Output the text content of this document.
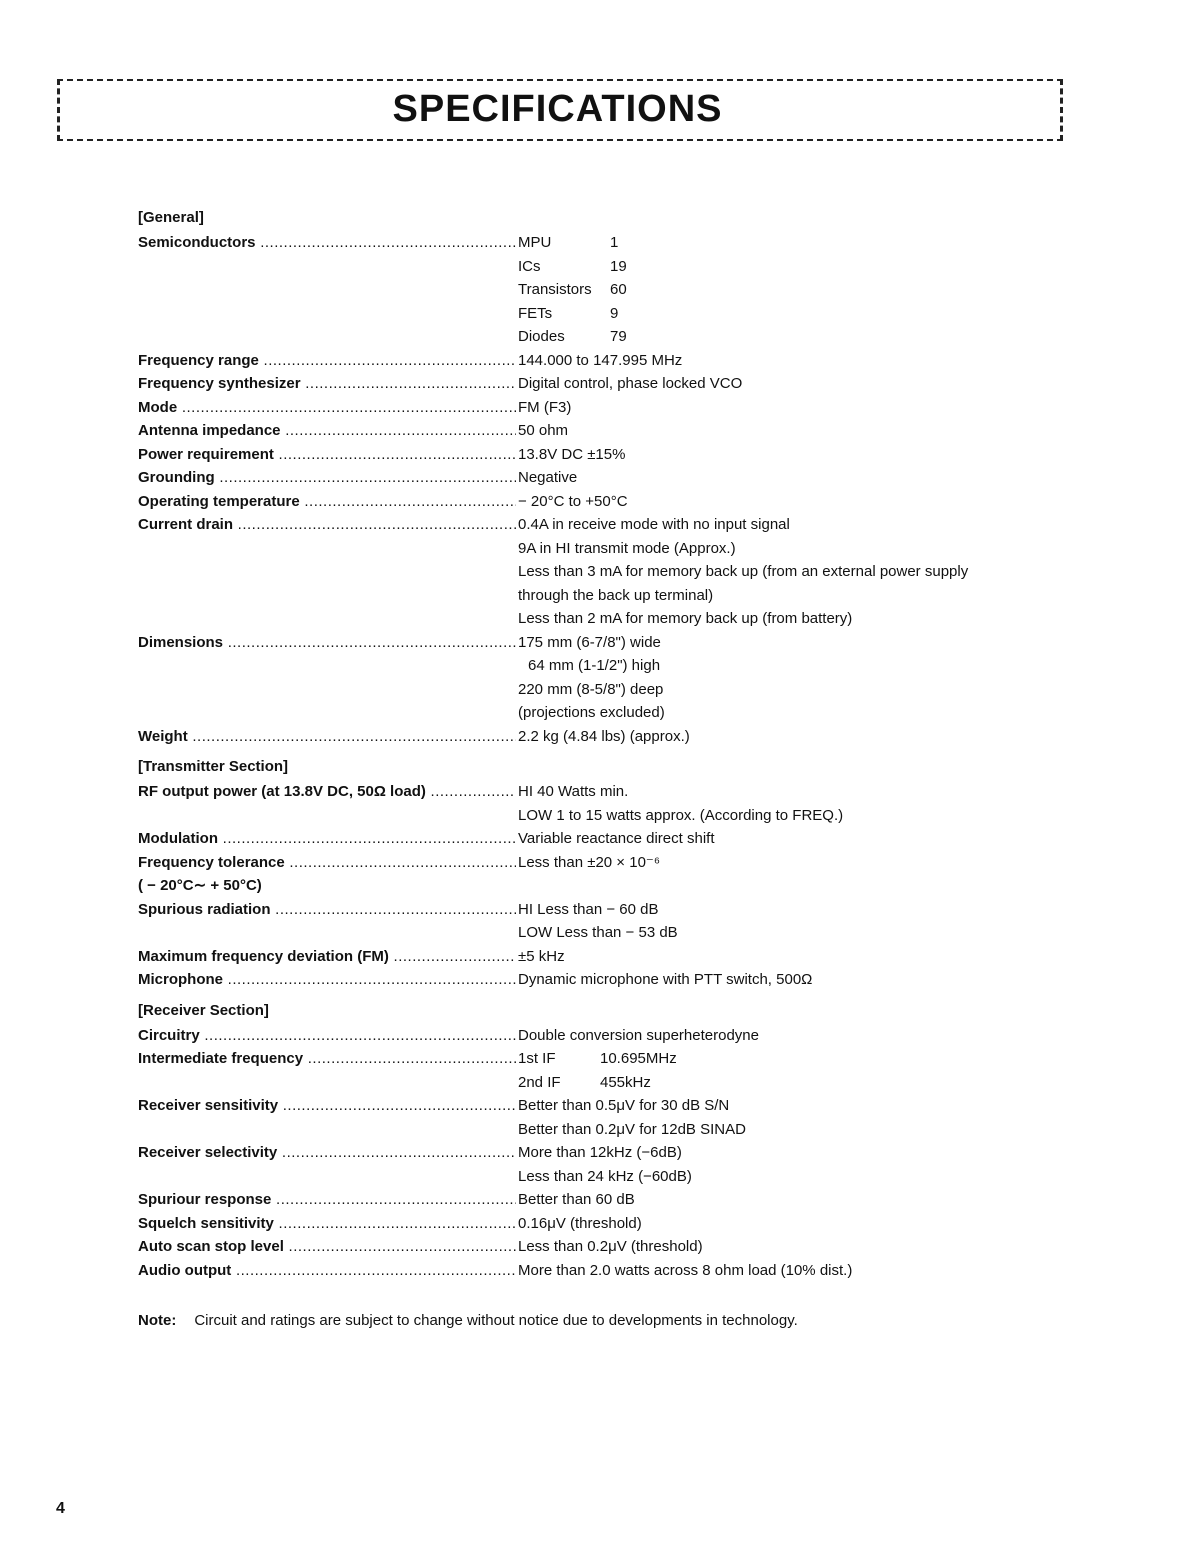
SPECIFICATIONS
[General]
Semiconductors .....	MPU	1
ICs	19
Transistors 60
FETs	9
Diodes	79
Frequency range .....	144.000 to 147.995 MHz
Frequency synthesizer .....	Digital control, phase locked VCO
Mode .....	FM (F3)
Antenna impedance .....	50 ohm
Power requirement .....	13.8V DC ±15%
Grounding .....	Negative
Operating temperature .....	− 20°C to +50°C
Current drain .....	0.4A in receive mode with no input signal
9A in HI transmit mode (Approx.)
Less than 3 mA for memory back up (from an external power supply
through the back up terminal)
Less than 2 mA for memory back up (from battery)
Dimensions .....	175 mm (6-7/8") wide
64 mm (1-1/2") high
220 mm (8-5/8") deep
(projections excluded)
Weight .....	2.2 kg (4.84 lbs) (approx.)
[Transmitter Section]
RF output power (at 13.8V DC, 50Ω load) .....	HI 40 Watts min.
LOW 1 to 15 watts approx. (According to FREQ.)
Modulation .....	Variable reactance direct shift
Frequency tolerance .....	Less than ±20 × 10⁻⁶
( − 20°C∼ + 50°C)
Spurious radiation .....	HI Less than − 60 dB
LOW Less than − 53 dB
Maximum frequency deviation (FM) .....	±5 kHz
Microphone .....	Dynamic microphone with PTT switch, 500Ω
[Receiver Section]
Circuitry .....	Double conversion superheterodyne
Intermediate frequency .....	1st IF	10.695MHz
2nd IF	455kHz
Receiver sensitivity .....	Better than 0.5μV for 30 dB S/N
Better than 0.2μV for 12dB SINAD
Receiver selectivity .....	More than 12kHz (−6dB)
Less than 24 kHz (−60dB)
Spuriour response .....	Better than 60 dB
Squelch sensitivity .....	0.16μV (threshold)
Auto scan stop level .....	Less than 0.2μV (threshold)
Audio output .....	More than 2.0 watts across 8 ohm load (10% dist.)
Note: Circuit and ratings are subject to change without notice due to developments in technology.
4
